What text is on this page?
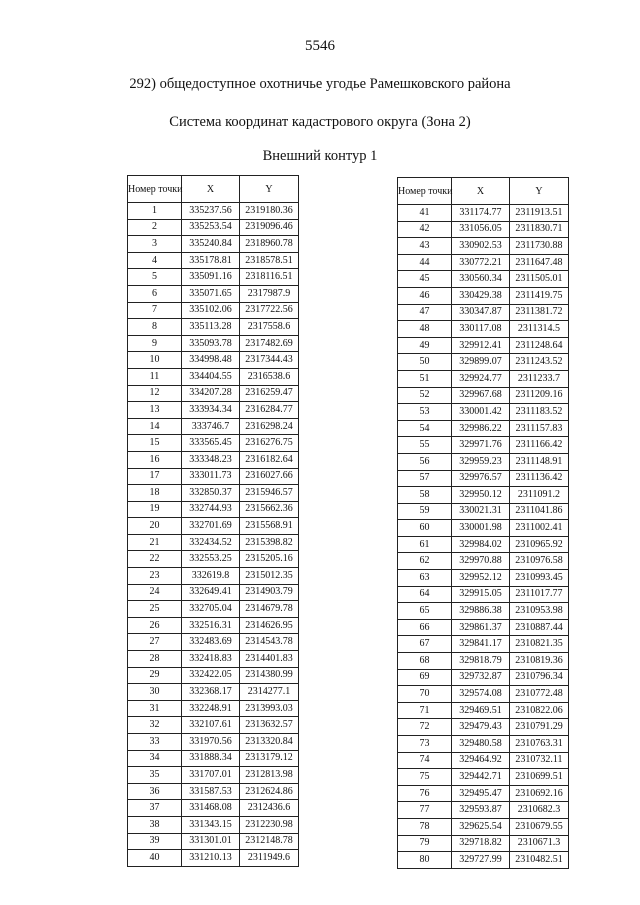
5546
292) общедоступное охотничье угодье Рамешковского района
Система координат кадастрового округа (Зона 2)
Внешний контур 1
Номер точки	X	Y
1	335237.56	2319180.36
2	335253.54	2319096.46
3	335240.84	2318960.78
4	335178.81	2318578.51
5	335091.16	2318116.51
6	335071.65	2317987.9
7	335102.06	2317722.56
8	335113.28	2317558.6
9	335093.78	2317482.69
10	334998.48	2317344.43
11	334404.55	2316538.6
12	334207.28	2316259.47
13	333934.34	2316284.77
14	333746.7	2316298.24
15	333565.45	2316276.75
16	333348.23	2316182.64
17	333011.73	2316027.66
18	332850.37	2315946.57
19	332744.93	2315662.36
20	332701.69	2315568.91
21	332434.52	2315398.82
22	332553.25	2315205.16
23	332619.8	2315012.35
24	332649.41	2314903.79
25	332705.04	2314679.78
26	332516.31	2314626.95
27	332483.69	2314543.78
28	332418.83	2314401.83
29	332422.05	2314380.99
30	332368.17	2314277.1
31	332248.91	2313993.03
32	332107.61	2313632.57
33	331970.56	2313320.84
34	331888.34	2313179.12
35	331707.01	2312813.98
36	331587.53	2312624.86
37	331468.08	2312436.6
38	331343.15	2312230.98
39	331301.01	2312148.78
40	331210.13	2311949.6
Номер точки	X	Y
41	331174.77	2311913.51
42	331056.05	2311830.71
43	330902.53	2311730.88
44	330772.21	2311647.48
45	330560.34	2311505.01
46	330429.38	2311419.75
47	330347.87	2311381.72
48	330117.08	2311314.5
49	329912.41	2311248.64
50	329899.07	2311243.52
51	329924.77	2311233.7
52	329967.68	2311209.16
53	330001.42	2311183.52
54	329986.22	2311157.83
55	329971.76	2311166.42
56	329959.23	2311148.91
57	329976.57	2311136.42
58	329950.12	2311091.2
59	330021.31	2311041.86
60	330001.98	2311002.41
61	329984.02	2310965.92
62	329970.88	2310976.58
63	329952.12	2310993.45
64	329915.05	2311017.77
65	329886.38	2310953.98
66	329861.37	2310887.44
67	329841.17	2310821.35
68	329818.79	2310819.36
69	329732.87	2310796.34
70	329574.08	2310772.48
71	329469.51	2310822.06
72	329479.43	2310791.29
73	329480.58	2310763.31
74	329464.92	2310732.11
75	329442.71	2310699.51
76	329495.47	2310692.16
77	329593.87	2310682.3
78	329625.54	2310679.55
79	329718.82	2310671.3
80	329727.99	2310482.51
